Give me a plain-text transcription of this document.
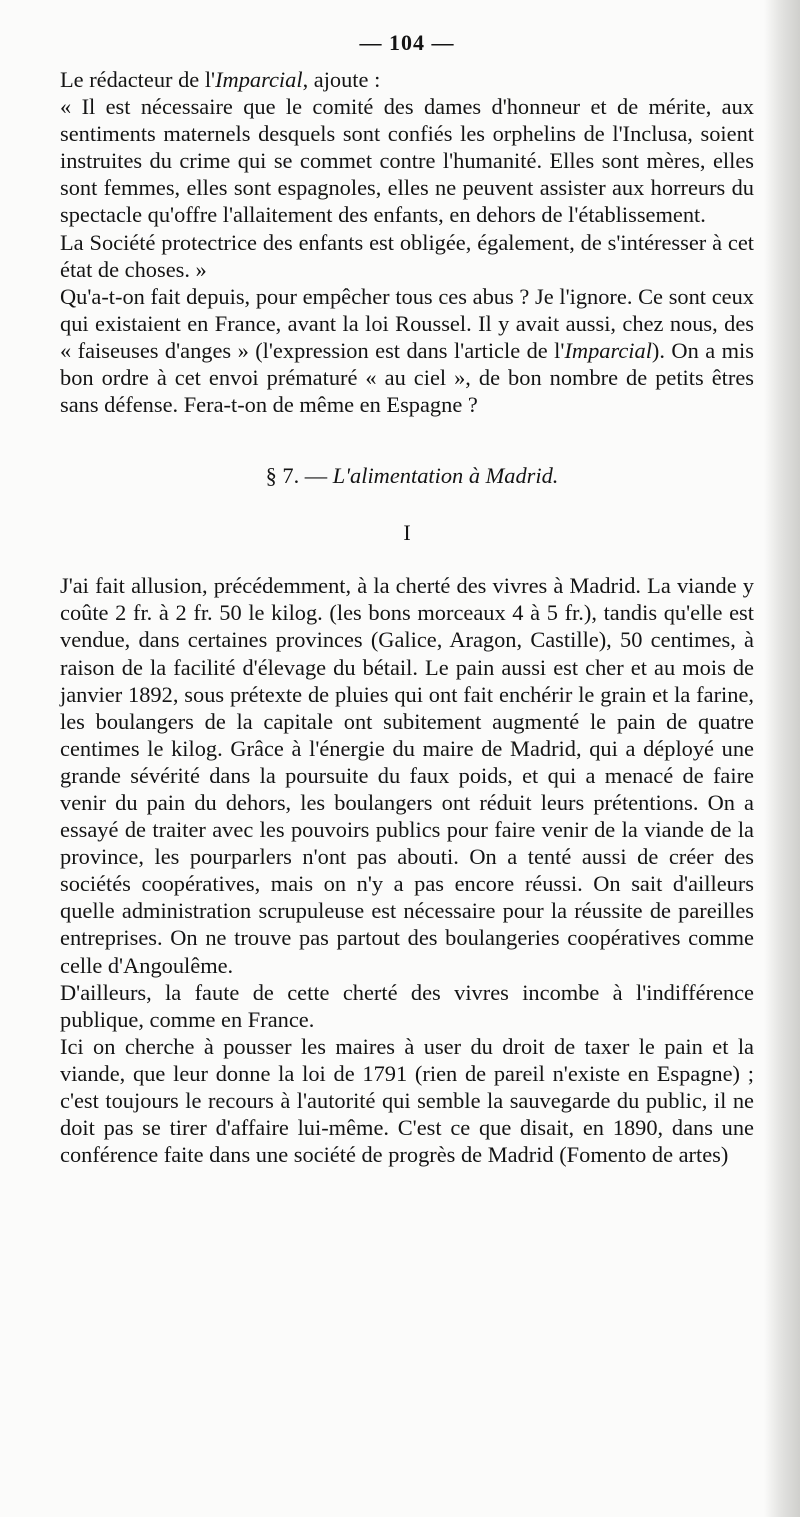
— 104 —

Le rédacteur de l'Imparcial, ajoute :

« Il est nécessaire que le comité des dames d'honneur et de mérite, aux sentiments maternels desquels sont confiés les orphelins de l'Inclusa, soient instruites du crime qui se commet contre l'humanité. Elles sont mères, elles sont femmes, elles sont espagnoles, elles ne peuvent assister aux horreurs du spectacle qu'offre l'allaitement des enfants, en dehors de l'établissement.

La Société protectrice des enfants est obligée, également, de s'intéresser à cet état de choses. »

Qu'a-t-on fait depuis, pour empêcher tous ces abus ? Je l'ignore. Ce sont ceux qui existaient en France, avant la loi Roussel. Il y avait aussi, chez nous, des « faiseuses d'anges » (l'expression est dans l'article de l'Imparcial). On a mis bon ordre à cet envoi prématuré « au ciel », de bon nombre de petits êtres sans défense. Fera-t-on de même en Espagne ?

§ 7. — L'alimentation à Madrid.
I

J'ai fait allusion, précédemment, à la cherté des vivres à Madrid. La viande y coûte 2 fr. à 2 fr. 50 le kilog. (les bons morceaux 4 à 5 fr.), tandis qu'elle est vendue, dans certaines provinces (Galice, Aragon, Castille), 50 centimes, à raison de la facilité d'élevage du bétail. Le pain aussi est cher et au mois de janvier 1892, sous prétexte de pluies qui ont fait enchérir le grain et la farine, les boulangers de la capitale ont subitement augmenté le pain de quatre centimes le kilog. Grâce à l'énergie du maire de Madrid, qui a déployé une grande sévérité dans la poursuite du faux poids, et qui a menacé de faire venir du pain du dehors, les boulangers ont réduit leurs prétentions. On a essayé de traiter avec les pouvoirs publics pour faire venir de la viande de la province, les pourparlers n'ont pas abouti. On a tenté aussi de créer des sociétés coopératives, mais on n'y a pas encore réussi. On sait d'ailleurs quelle administration scrupuleuse est nécessaire pour la réussite de pareilles entreprises. On ne trouve pas partout des boulangeries coopératives comme celle d'Angoulême.

D'ailleurs, la faute de cette cherté des vivres incombe à l'indifférence publique, comme en France.

Ici on cherche à pousser les maires à user du droit de taxer le pain et la viande, que leur donne la loi de 1791 (rien de pareil n'existe en Espagne) ; c'est toujours le recours à l'autorité qui semble la sauvegarde du public, il ne doit pas se tirer d'affaire lui-même. C'est ce que disait, en 1890, dans une conférence faite dans une société de progrès de Madrid (Fomento de artes)
